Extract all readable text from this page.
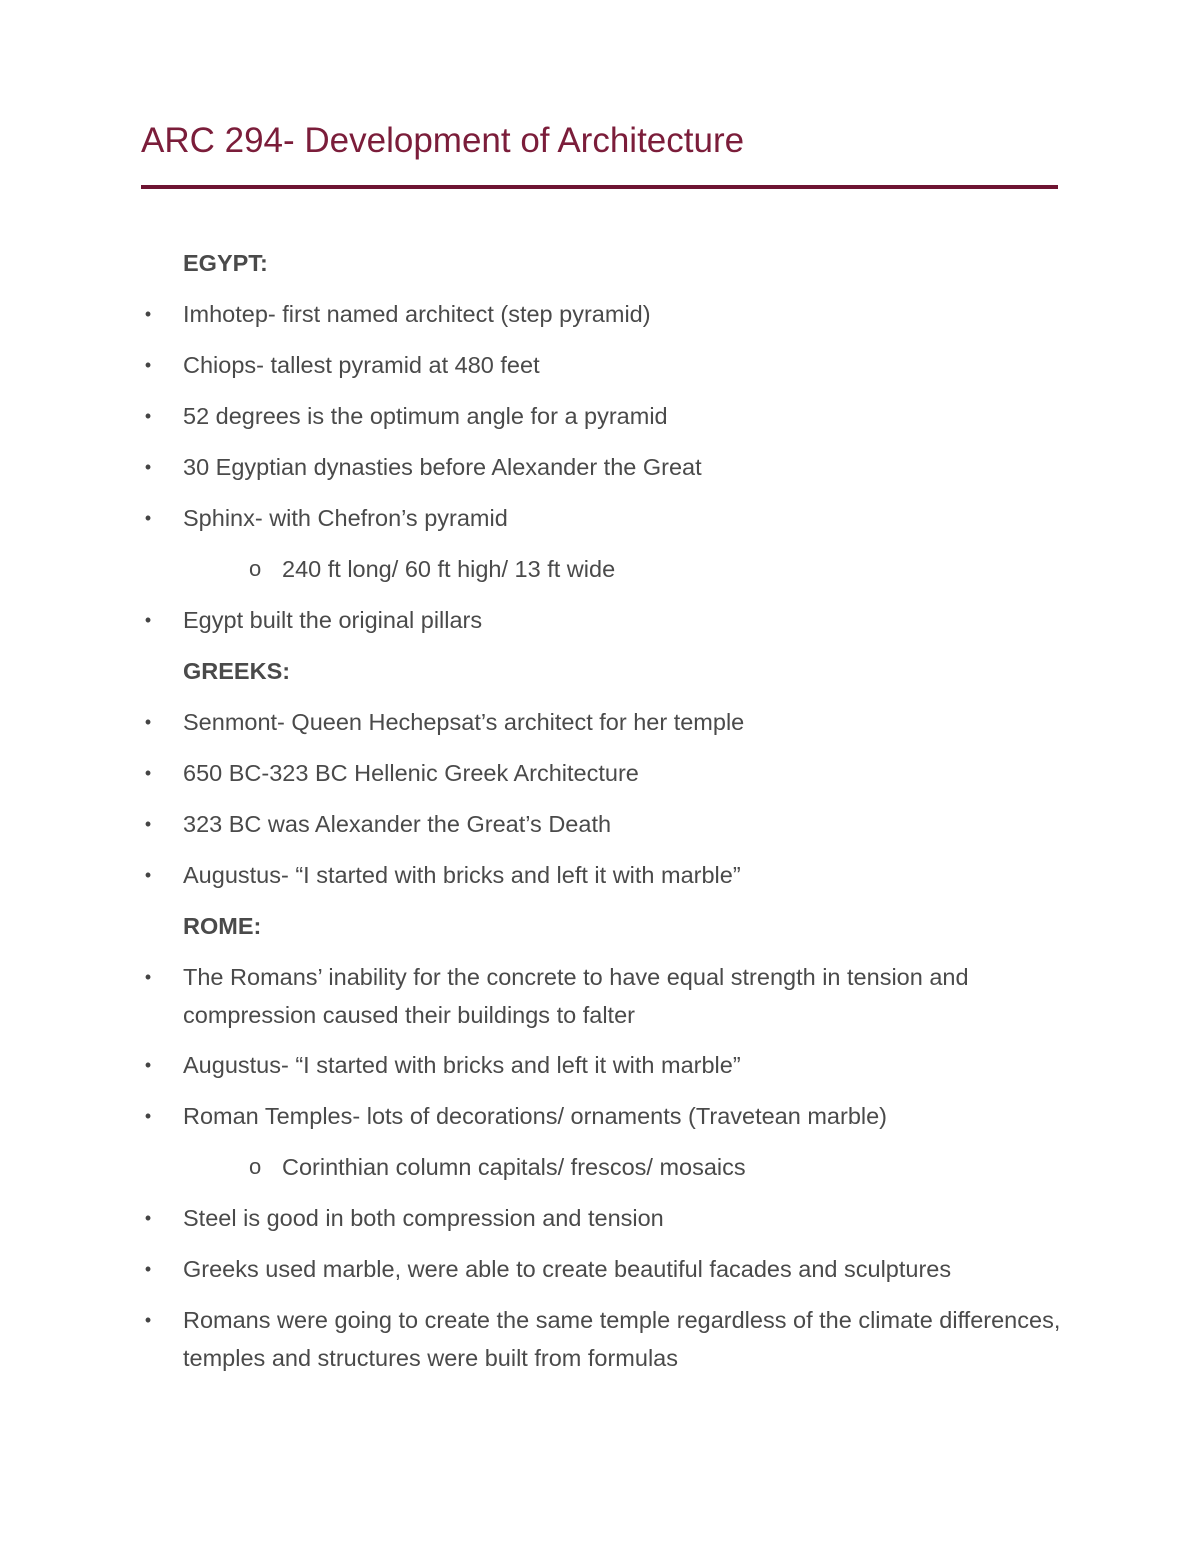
ARC 294- Development of Architecture
EGYPT:
• Imhotep- first named architect (step pyramid)
• Chiops- tallest pyramid at 480 feet
• 52 degrees is the optimum angle for a pyramid
• 30 Egyptian dynasties before Alexander the Great
• Sphinx- with Chefron’s pyramid
o 240 ft long/ 60 ft high/ 13 ft wide
• Egypt built the original pillars
GREEKS:
• Senmont- Queen Hechepsat’s architect for her temple
• 650 BC-323 BC Hellenic Greek Architecture
• 323 BC was Alexander the Great’s Death
• Augustus- “I started with bricks and left it with marble”
ROME:
• The Romans’ inability for the concrete to have equal strength in tension and compression caused their buildings to falter
• Augustus- “I started with bricks and left it with marble”
• Roman Temples- lots of decorations/ ornaments (Travetean marble)
o Corinthian column capitals/ frescos/ mosaics
• Steel is good in both compression and tension
• Greeks used marble, were able to create beautiful facades and sculptures
• Romans were going to create the same temple regardless of the climate differences, temples and structures were built from formulas
